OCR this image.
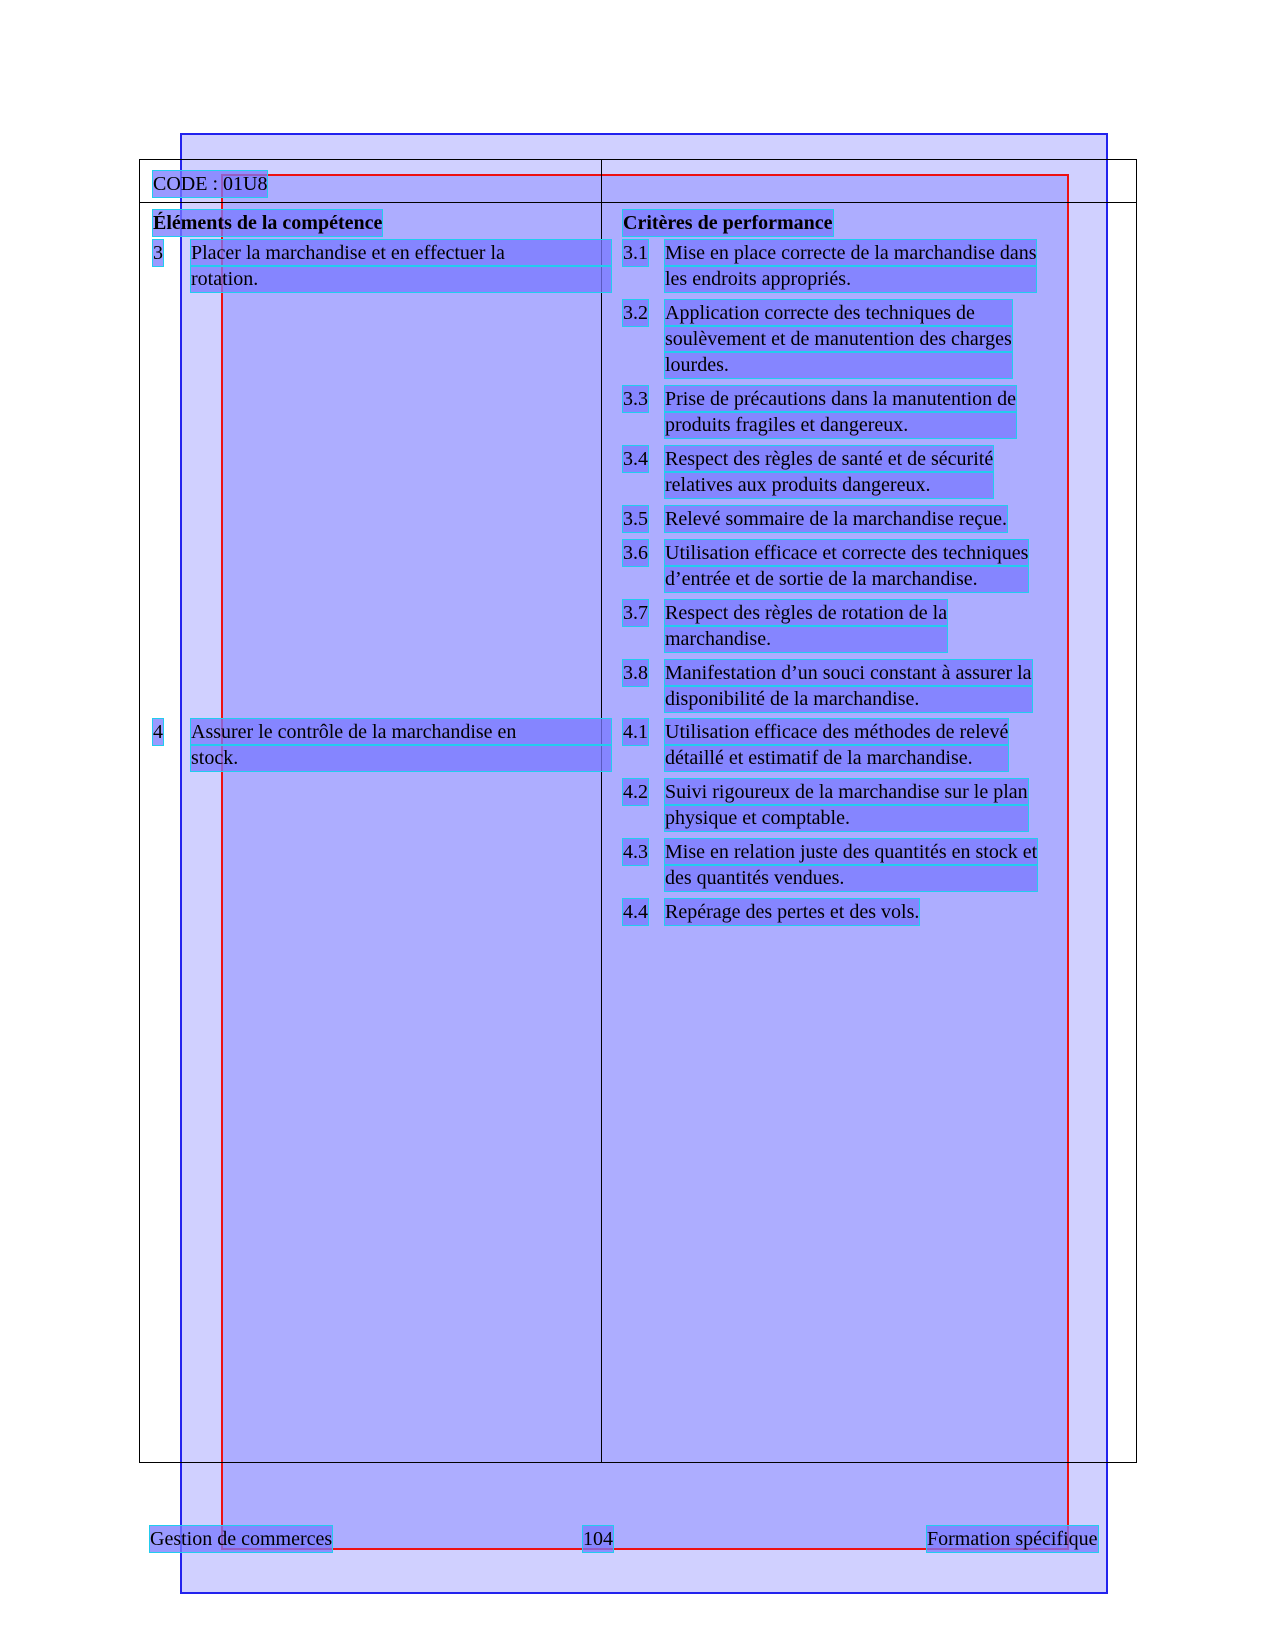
CODE : 01U8
Éléments de la compétence	Critères de performance
3 Placer la marchandise et en effectuer la
rotation.
3.1 Mise en place correcte de la marchandise dans
les endroits appropriés.
3.2 Application correcte des techniques de
soulèvement et de manutention des charges
lourdes.
3.3 Prise de précautions dans la manutention de
produits fragiles et dangereux.
3.4 Respect des règles de santé et de sécurité
relatives aux produits dangereux.
3.5 Relevé sommaire de la marchandise reçue.
3.6 Utilisation efficace et correcte des techniques
d’entrée et de sortie de la marchandise.
3.7 Respect des règles de rotation de la
marchandise.
3.8 Manifestation d’un souci constant à assurer la
disponibilité de la marchandise.
4 Assurer le contrôle de la marchandise en
stock.
4.1 Utilisation efficace des méthodes de relevé
détaillé et estimatif de la marchandise.
4.2 Suivi rigoureux de la marchandise sur le plan
physique et comptable.
4.3 Mise en relation juste des quantités en stock et
des quantités vendues.
4.4 Repérage des pertes et des vols.
Gestion de commerces	104	Formation spécifique
